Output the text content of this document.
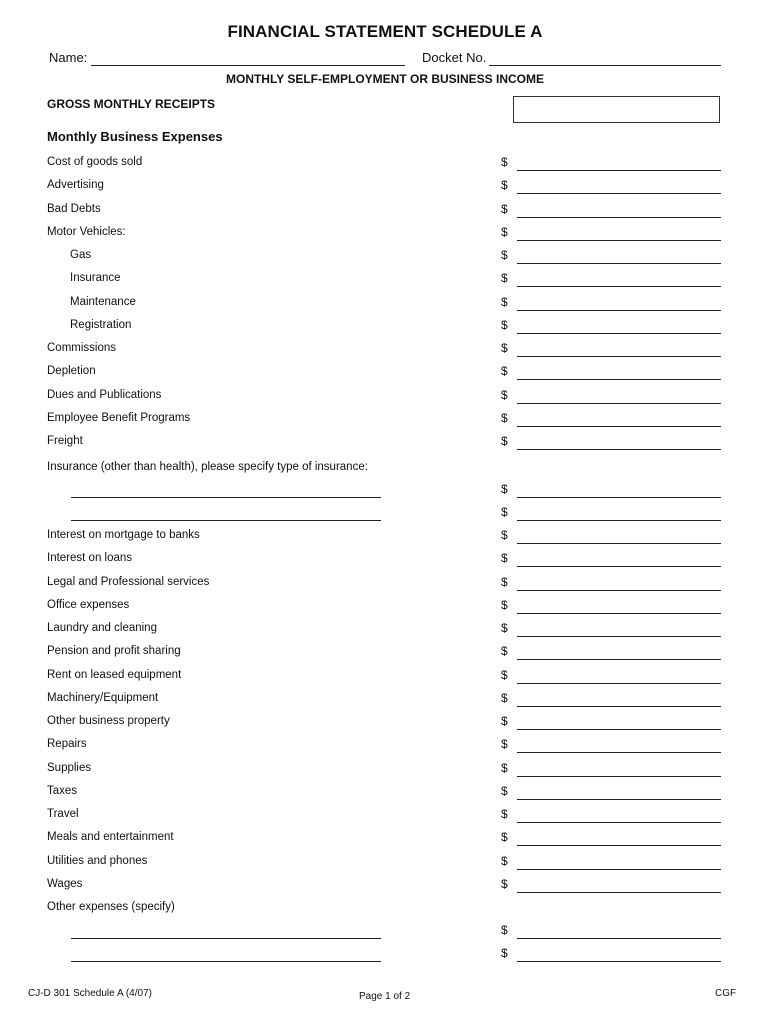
FINANCIAL STATEMENT SCHEDULE A
Name:	Docket No.
MONTHLY SELF-EMPLOYMENT OR BUSINESS INCOME
GROSS MONTHLY RECEIPTS
Monthly Business Expenses
Cost of goods sold	$
Advertising	$
Bad Debts	$
Motor Vehicles:	$
Gas	$
Insurance	$
Maintenance	$
Registration	$
Commissions	$
Depletion	$
Dues and Publications	$
Employee Benefit Programs	$
Freight	$
Insurance (other than health), please specify type of insurance:
$
$
Interest on mortgage to banks	$
Interest on loans	$
Legal and Professional services	$
Office expenses	$
Laundry and cleaning	$
Pension and profit sharing	$
Rent on leased equipment	$
Machinery/Equipment	$
Other business property	$
Repairs	$
Supplies	$
Taxes	$
Travel	$
Meals and entertainment	$
Utilities and phones	$
Wages	$
Other expenses (specify)
$
$
CJ-D 301 Schedule A (4/07)	Page 1 of 2	CGF
